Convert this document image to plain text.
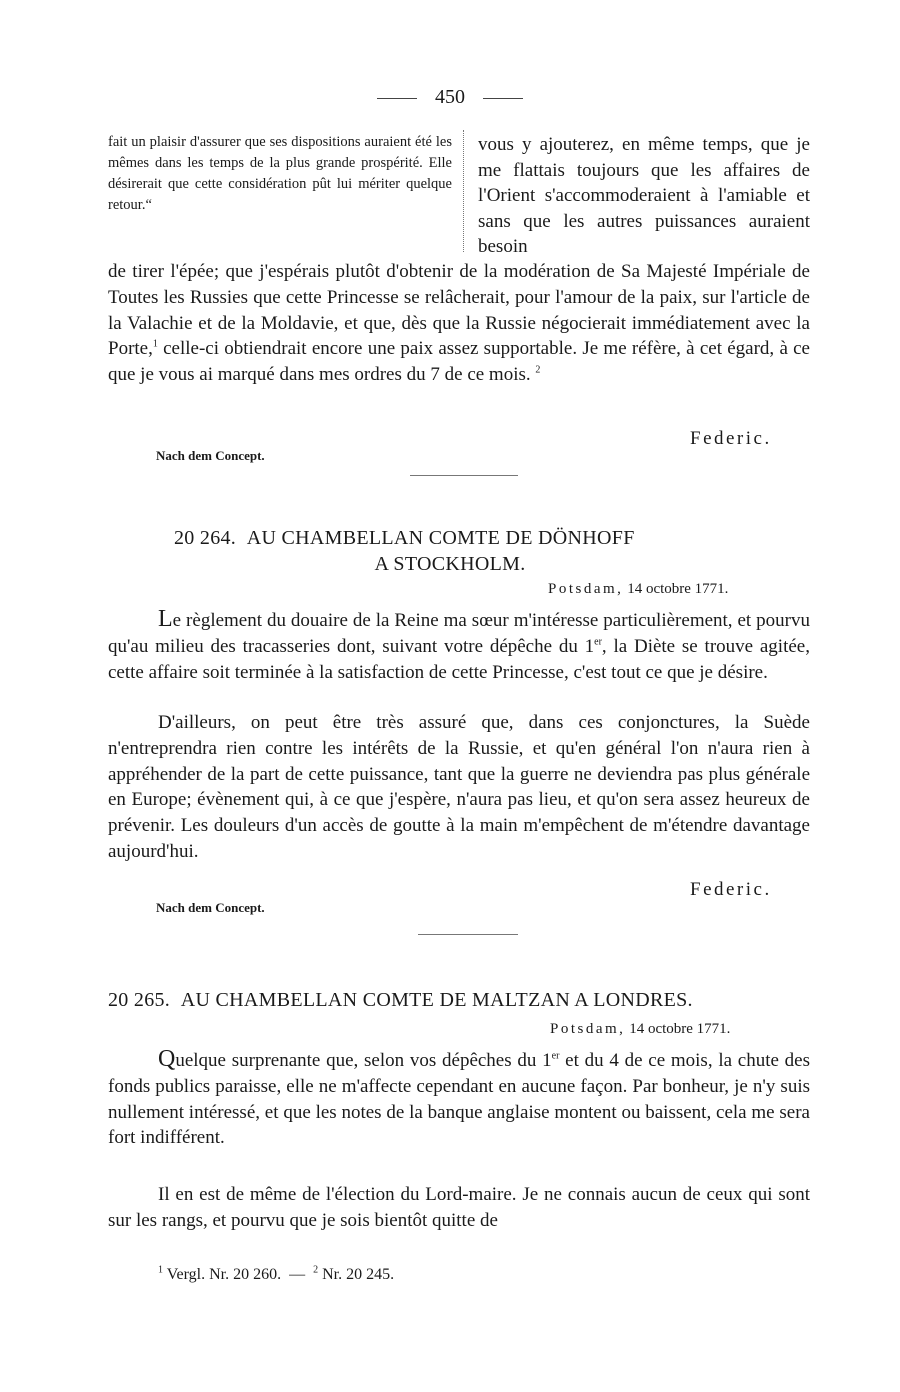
450
fait un plaisir d'assurer que ses dispositions auraient été les mêmes dans les temps de la plus grande prospérité. Elle désirerait que cette considération pût lui mériter quelque retour.“
vous y ajouterez, en même temps, que je me flattais toujours que les affaires de l'Orient s'accommoderaient à l'amiable et sans que les autres puissances auraient besoin
de tirer l'épée; que j'espérais plutôt d'obtenir de la modération de Sa Majesté Impériale de Toutes les Russies que cette Princesse se relâcherait, pour l'amour de la paix, sur l'article de la Valachie et de la Moldavie, et que, dès que la Russie négocierait immédiatement avec la Porte,$^1$ celle-ci obtiendrait encore une paix assez supportable. Je me réfère, à cet égard, à ce que je vous ai marqué dans mes ordres du 7 de ce mois. $^2$
Federic.
Nach dem Concept.
20 264. AU CHAMBELLAN COMTE DE DÖNHOFF
A STOCKHOLM.
Potsdam, 14 octobre 1771.
Le règlement du douaire de la Reine ma sœur m'intéresse particulièrement, et pourvu qu'au milieu des tracasseries dont, suivant votre dépêche du 1er, la Diète se trouve agitée, cette affaire soit terminée à la satisfaction de cette Princesse, c'est tout ce que je désire.
D'ailleurs, on peut être très assuré que, dans ces conjonctures, la Suède n'entreprendra rien contre les intérêts de la Russie, et qu'en général l'on n'aura rien à appréhender de la part de cette puissance, tant que la guerre ne deviendra pas plus générale en Europe; évènement qui, à ce que j'espère, n'aura pas lieu, et qu'on sera assez heureux de prévenir. Les douleurs d'un accès de goutte à la main m'empêchent de m'étendre davantage aujourd'hui.
Federic.
Nach dem Concept.
20 265. AU CHAMBELLAN COMTE DE MALTZAN A LONDRES.
Potsdam, 14 octobre 1771.
Quelque surprenante que, selon vos dépêches du 1er et du 4 de ce mois, la chute des fonds publics paraisse, elle ne m'affecte cependant en aucune façon. Par bonheur, je n'y suis nullement intéressé, et que les notes de la banque anglaise montent ou baissent, cela me sera fort indifférent.
Il en est de même de l'élection du Lord-maire. Je ne connais aucun de ceux qui sont sur les rangs, et pourvu que je sois bientôt quitte de
$^1$ Vergl. Nr. 20 260. — $^2$ Nr. 20 245.
